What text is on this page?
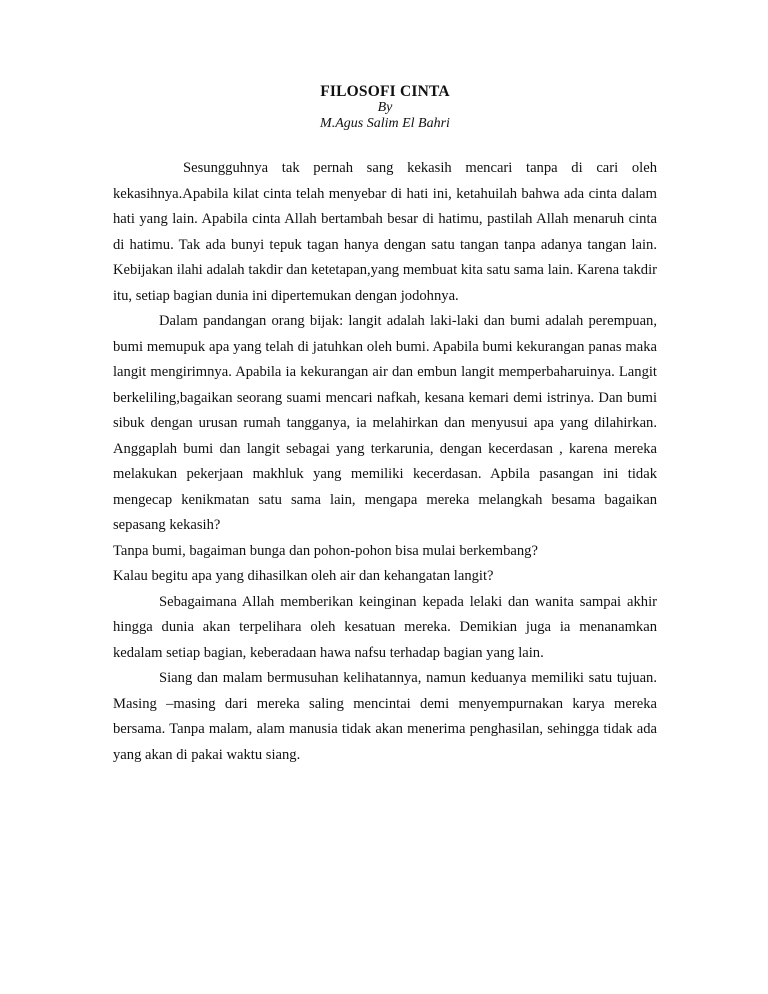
FILOSOFI CINTA
By
M.Agus Salim El Bahri

Sesungguhnya tak pernah sang kekasih mencari tanpa di cari oleh kekasihnya.Apabila kilat cinta telah menyebar di hati ini, ketahuilah bahwa ada cinta dalam hati yang lain. Apabila cinta Allah bertambah besar di hatimu, pastilah Allah menaruh cinta di hatimu. Tak ada bunyi tepuk tagan hanya dengan satu tangan tanpa adanya tangan lain. Kebijakan ilahi adalah takdir dan ketetapan,yang membuat kita satu sama lain. Karena takdir itu, setiap bagian dunia ini dipertemukan dengan jodohnya.

Dalam pandangan orang bijak: langit adalah laki-laki dan bumi adalah perempuan, bumi memupuk apa yang telah di jatuhkan oleh bumi. Apabila bumi kekurangan panas maka langit mengirimnya. Apabila ia kekurangan air dan embun langit memperbaharuinya. Langit berkeliling,bagaikan seorang suami mencari nafkah, kesana kemari demi istrinya. Dan bumi sibuk dengan urusan rumah tangganya, ia melahirkan dan menyusui apa yang dilahirkan. Anggaplah bumi dan langit sebagai yang terkarunia, dengan kecerdasan , karena mereka melakukan pekerjaan makhluk yang memiliki kecerdasan. Apbila pasangan ini tidak mengecap kenikmatan satu sama lain, mengapa mereka melangkah besama bagaikan sepasang kekasih?

Tanpa bumi, bagaiman bunga dan pohon-pohon bisa mulai berkembang?

Kalau begitu apa yang dihasilkan oleh air dan kehangatan langit?

Sebagaimana Allah memberikan keinginan kepada lelaki dan wanita sampai akhir hingga dunia akan terpelihara oleh kesatuan mereka. Demikian juga ia menanamkan kedalam setiap bagian, keberadaan hawa nafsu terhadap bagian yang lain.

Siang dan malam bermusuhan kelihatannya, namun keduanya memiliki satu tujuan. Masing –masing dari mereka saling mencintai demi menyempurnakan karya mereka bersama. Tanpa malam, alam manusia tidak akan menerima penghasilan, sehingga tidak ada yang akan di pakai waktu siang.
